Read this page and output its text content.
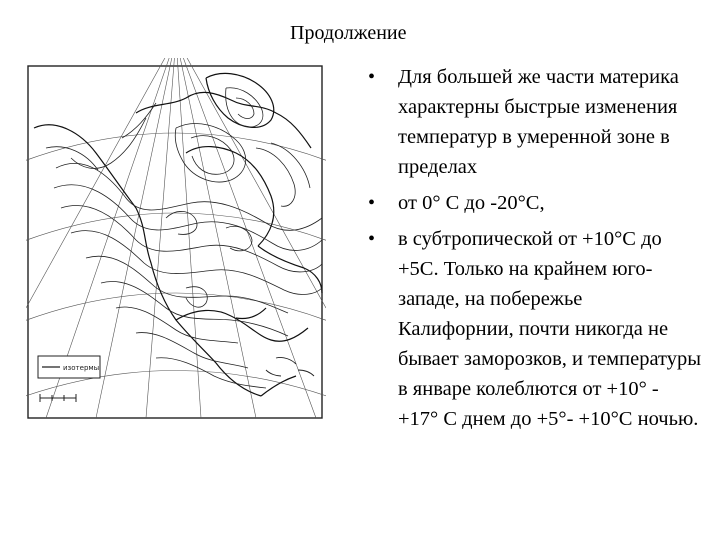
Продолжение
изотермы
• Для большей же части материка характерны быстрые изменения температур в умеренной зоне в пределах
• от 0° С до -20°С,
• в субтропической от +10°С до +5С. Только на крайнем юго-западе, на побережье Калифорнии, почти никогда не бывает заморозков, и температуры в январе колеблются от +10° - +17° С днем до +5°- +10°С ночью.
